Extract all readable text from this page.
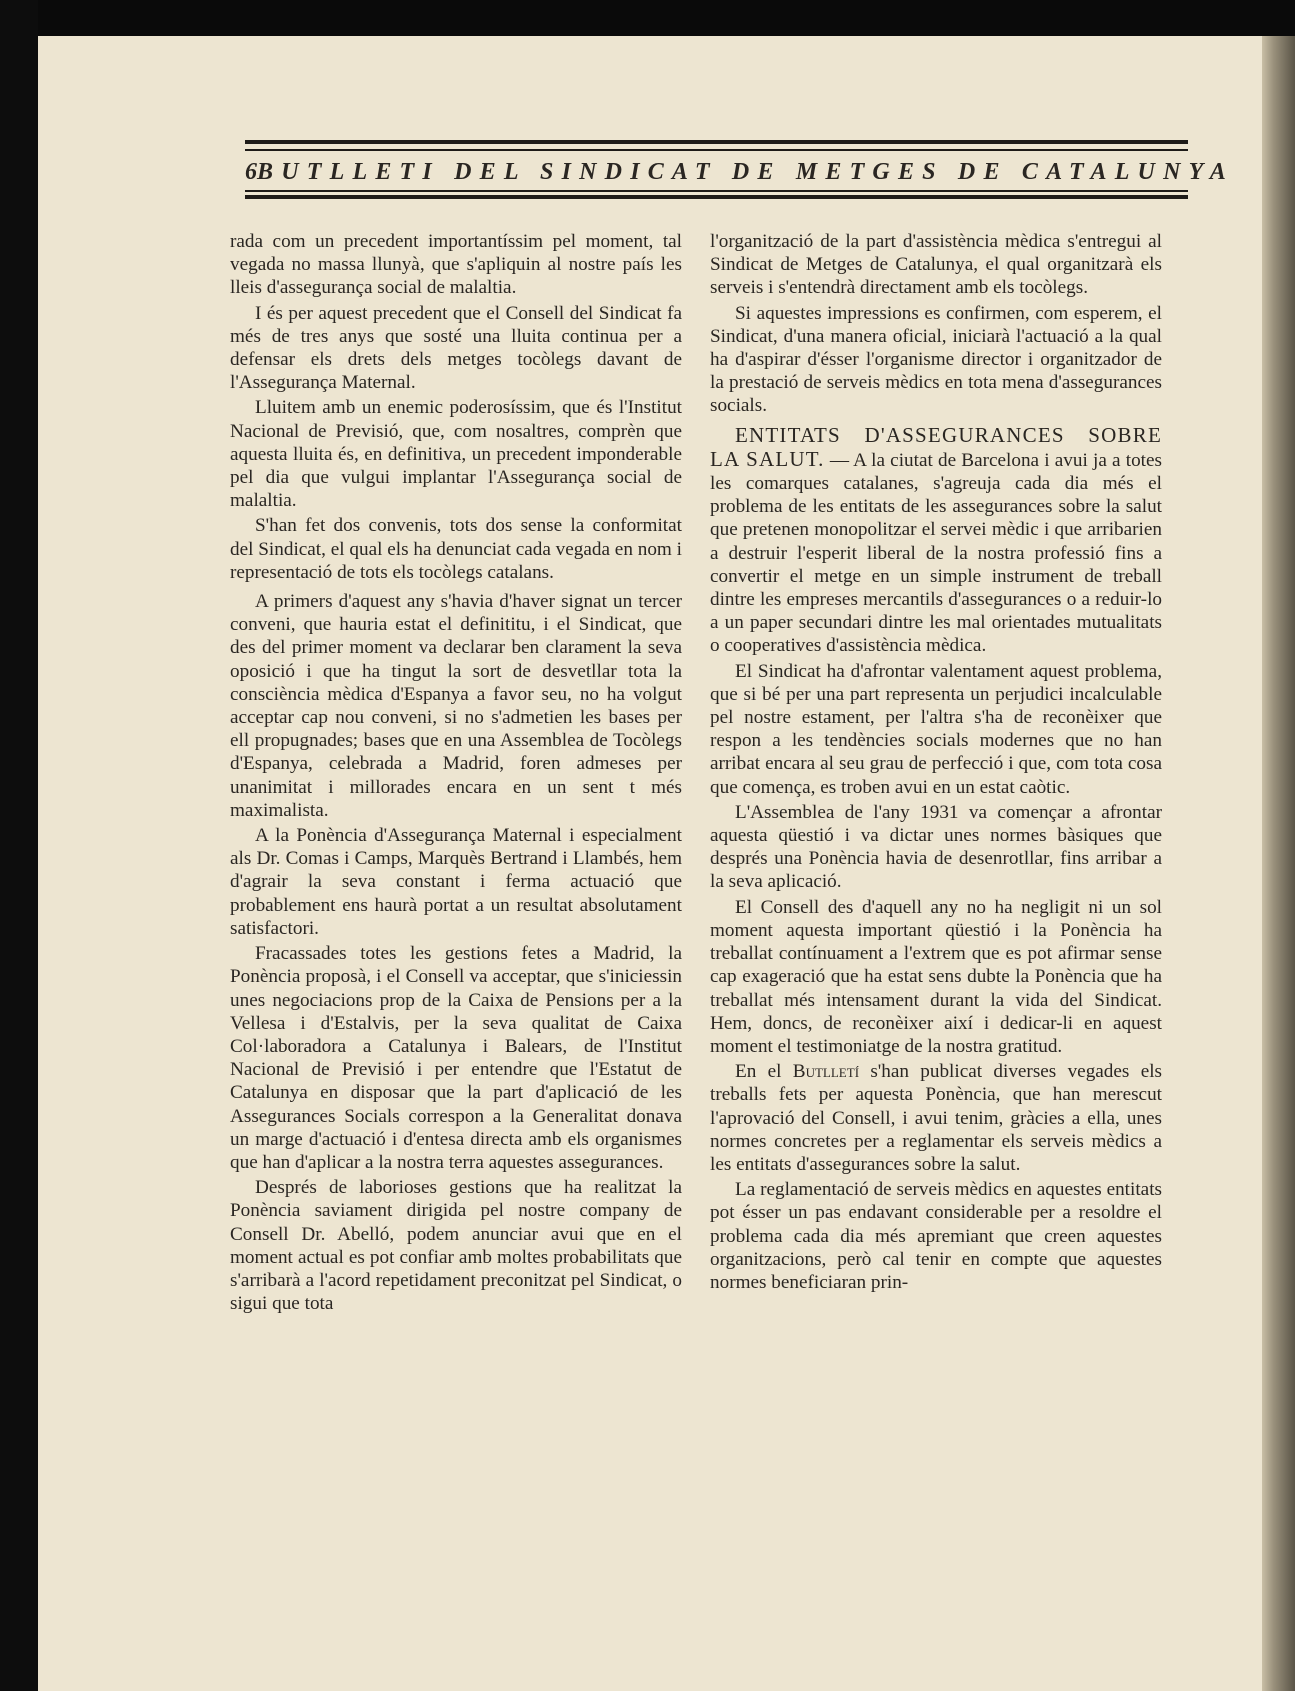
6 BUTLLETI DEL SINDICAT DE METGES DE CATALUNYA

rada com un precedent importantíssim pel moment, tal vegada no massa llunyà, que s'apliquin al nostre país les lleis d'assegurança social de malaltia.

I és per aquest precedent que el Consell del Sindicat fa més de tres anys que sosté una lluita continua per a defensar els drets dels metges tocòlegs davant de l'Assegurança Maternal.

Lluitem amb un enemic poderosíssim, que és l'Institut Nacional de Previsió, que, com nosaltres, comprèn que aquesta lluita és, en definitiva, un precedent imponderable pel dia que vulgui implantar l'Assegurança social de malaltia.

S'han fet dos convenis, tots dos sense la conformitat del Sindicat, el qual els ha denunciat cada vegada en nom i representació de tots els tocòlegs catalans.

A primers d'aquest any s'havia d'haver signat un tercer conveni, que hauria estat el definititu, i el Sindicat, que des del primer moment va declarar ben clarament la seva oposició i que ha tingut la sort de desvetllar tota la consciència mèdica d'Espanya a favor seu, no ha volgut acceptar cap nou conveni, si no s'admetien les bases per ell propugnades; bases que en una Assemblea de Tocòlegs d'Espanya, celebrada a Madrid, foren admeses per unanimitat i millorades encara en un sent t més maximalista.

A la Ponència d'Assegurança Maternal i especialment als Dr. Comas i Camps, Marquès Bertrand i Llambés, hem d'agrair la seva constant i ferma actuació que probablement ens haurà portat a un resultat absolutament satisfactori.

Fracassades totes les gestions fetes a Madrid, la Ponència proposà, i el Consell va acceptar, que s'iniciessin unes negociacions prop de la Caixa de Pensions per a la Vellesa i d'Estalvis, per la seva qualitat de Caixa Col·laboradora a Catalunya i Balears, de l'Institut Nacional de Previsió i per entendre que l'Estatut de Catalunya en disposar que la part d'aplicació de les Assegurances Socials correspon a la Generalitat donava un marge d'actuació i d'entesa directa amb els organismes que han d'aplicar a la nostra terra aquestes assegurances.

Després de laborioses gestions que ha realitzat la Ponència saviament dirigida pel nostre company de Consell Dr. Abelló, podem anunciar avui que en el moment actual es pot confiar amb moltes probabilitats que s'arribarà a l'acord repetidament preconitzat pel Sindicat, o sigui que tota

l'organització de la part d'assistència mèdica s'entregui al Sindicat de Metges de Catalunya, el qual organitzarà els serveis i s'entendrà directament amb els tocòlegs.

Si aquestes impressions es confirmen, com esperem, el Sindicat, d'una manera oficial, iniciarà l'actuació a la qual ha d'aspirar d'ésser l'organisme director i organitzador de la prestació de serveis mèdics en tota mena d'assegurances socials.

ENTITATS D'ASSEGURANCES SOBRE LA SALUT. — A la ciutat de Barcelona i avui ja a totes les comarques catalanes, s'agreuja cada dia més el problema de les entitats de les assegurances sobre la salut que pretenen monopolitzar el servei mèdic i que arribarien a destruir l'esperit liberal de la nostra professió fins a convertir el metge en un simple instrument de treball dintre les empreses mercantils d'assegurances o a reduir-lo a un paper secundari dintre les mal orientades mutualitats o cooperatives d'assistència mèdica.

El Sindicat ha d'afrontar valentament aquest problema, que si bé per una part representa un perjudici incalculable pel nostre estament, per l'altra s'ha de reconèixer que respon a les tendències socials modernes que no han arribat encara al seu grau de perfecció i que, com tota cosa que comença, es troben avui en un estat caòtic.

L'Assemblea de l'any 1931 va començar a afrontar aquesta qüestió i va dictar unes normes bàsiques que després una Ponència havia de desenrotllar, fins arribar a la seva aplicació.

El Consell des d'aquell any no ha negligit ni un sol moment aquesta important qüestió i la Ponència ha treballat contínuament a l'extrem que es pot afirmar sense cap exageració que ha estat sens dubte la Ponència que ha treballat més intensament durant la vida del Sindicat. Hem, doncs, de reconèixer així i dedicar-li en aquest moment el testimoniatge de la nostra gratitud.

En el Butlletí s'han publicat diverses vegades els treballs fets per aquesta Ponència, que han merescut l'aprovació del Consell, i avui tenim, gràcies a ella, unes normes concretes per a reglamentar els serveis mèdics a les entitats d'assegurances sobre la salut.

La reglamentació de serveis mèdics en aquestes entitats pot ésser un pas endavant considerable per a resoldre el problema cada dia més apremiant que creen aquestes organitzacions, però cal tenir en compte que aquestes normes beneficiaran prin-
